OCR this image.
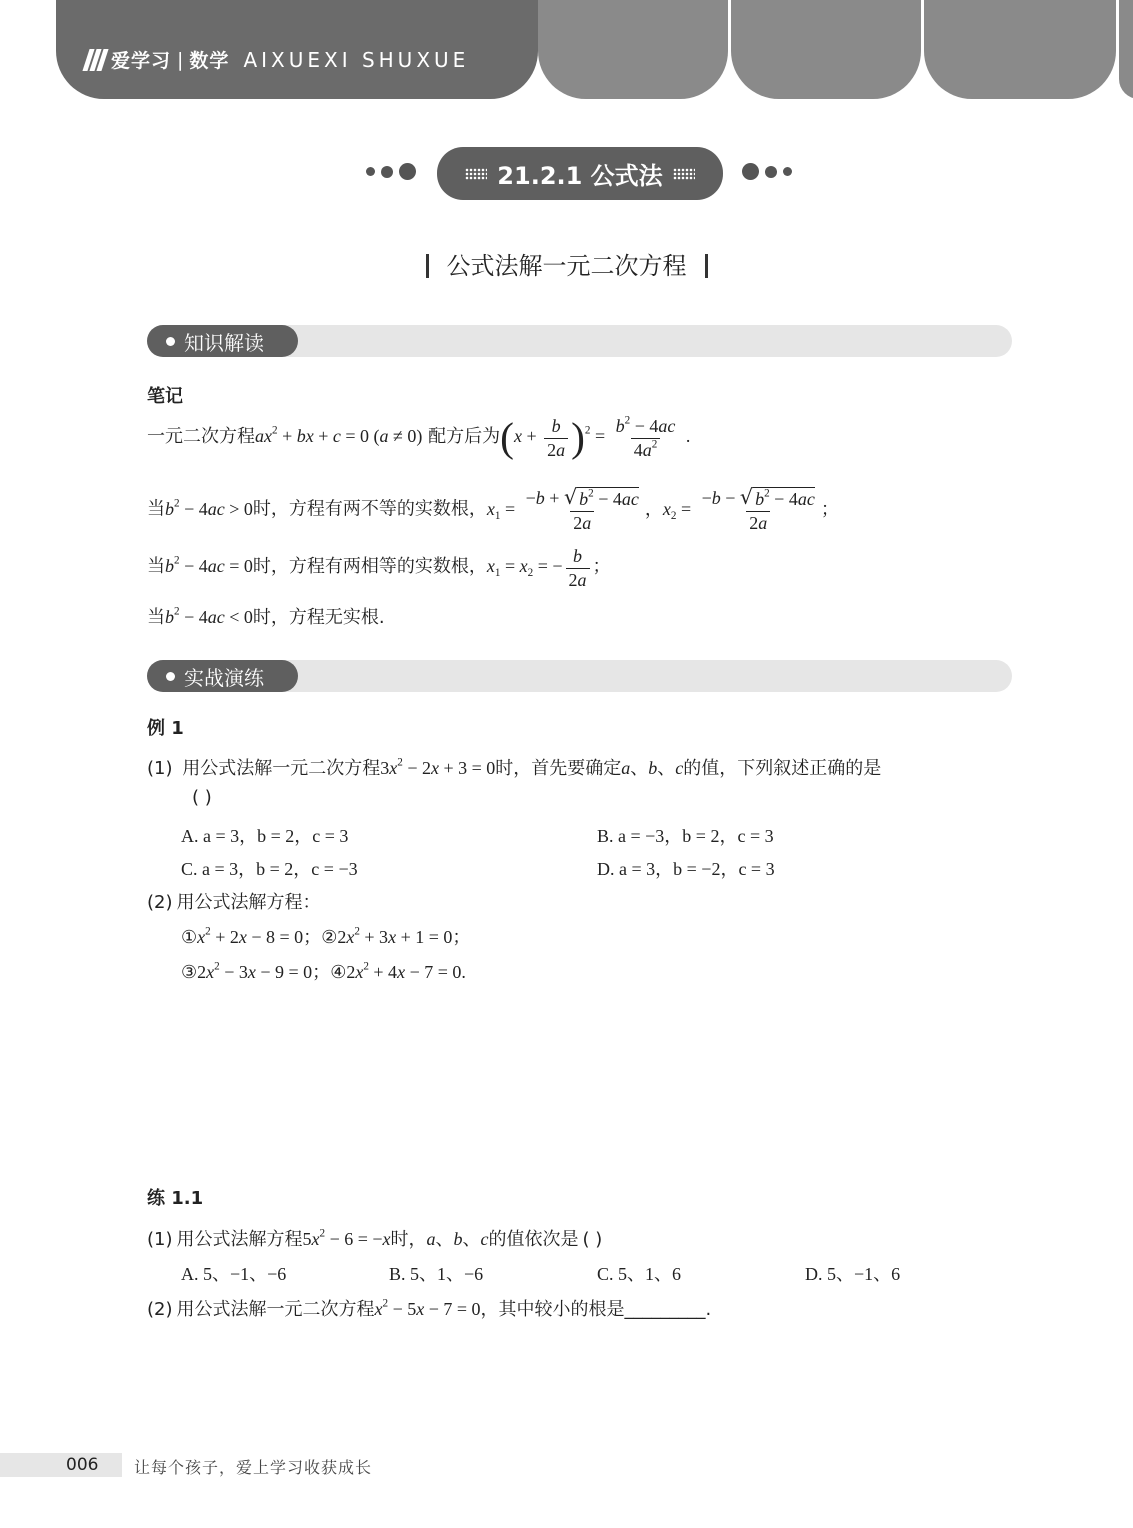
爱学习 | 数学 AIXUEXI SHUXUE
21.2.1 公式法
公式法解一元二次方程
知识解读
笔记
一元二次方程$ax^2$ + bx + c = 0 (a ≠ 0) 配方后为$(x + \frac{b}{2a} )^2 = \frac{b^2 - 4ac}{4a^2}$ .
当$b^2 - 4ac > 0$时，方程有两不等的实数根，$x_1 = \frac{-b + √ b^2 - 4ac}{2a}$ ，$x_2 = \frac{-b - √ b^2 - 4ac}{2a}$ ；
当$b^2 - 4ac = 0$时，方程有两相等的实数根，$x_1 = x_2$ = − $\frac{b}{2a}$ ；
当$b^2 - 4ac < 0$时，方程无实根.
实战演练
例 1
(1) 用公式法解一元二次方程$3x^2 - 2x + 3 = 0$时，首先要确定a、b、c的值，下列叙述正确的是
( )
A. a = 3，b = 2，c = 3	B. a = −3，b = 2，c = 3
C. a = 3，b = 2，c = −3	D. a = 3，b = −2，c = 3
(2) 用公式法解方程：
$①x^2 + 2x - 8 = 0$；$②2x^2 + 3x + 1 = 0$；
$③2x^2 - 3x - 9 = 0$；$④2x^2 + 4x - 7 = 0$.
练 1.1
(1) 用公式法解方程$5x^2 - 6 = -x$时，a、b、c的值依次是 ( )
A. 5、−1、−6	B. 5、1、−6	C. 5、1、6	D. 5、−1、6
(2) 用公式法解一元二次方程$x^2 - 5x - 7 = 0$，其中较小的根是_________.
006 让每个孩子，爱上学习收获成长
